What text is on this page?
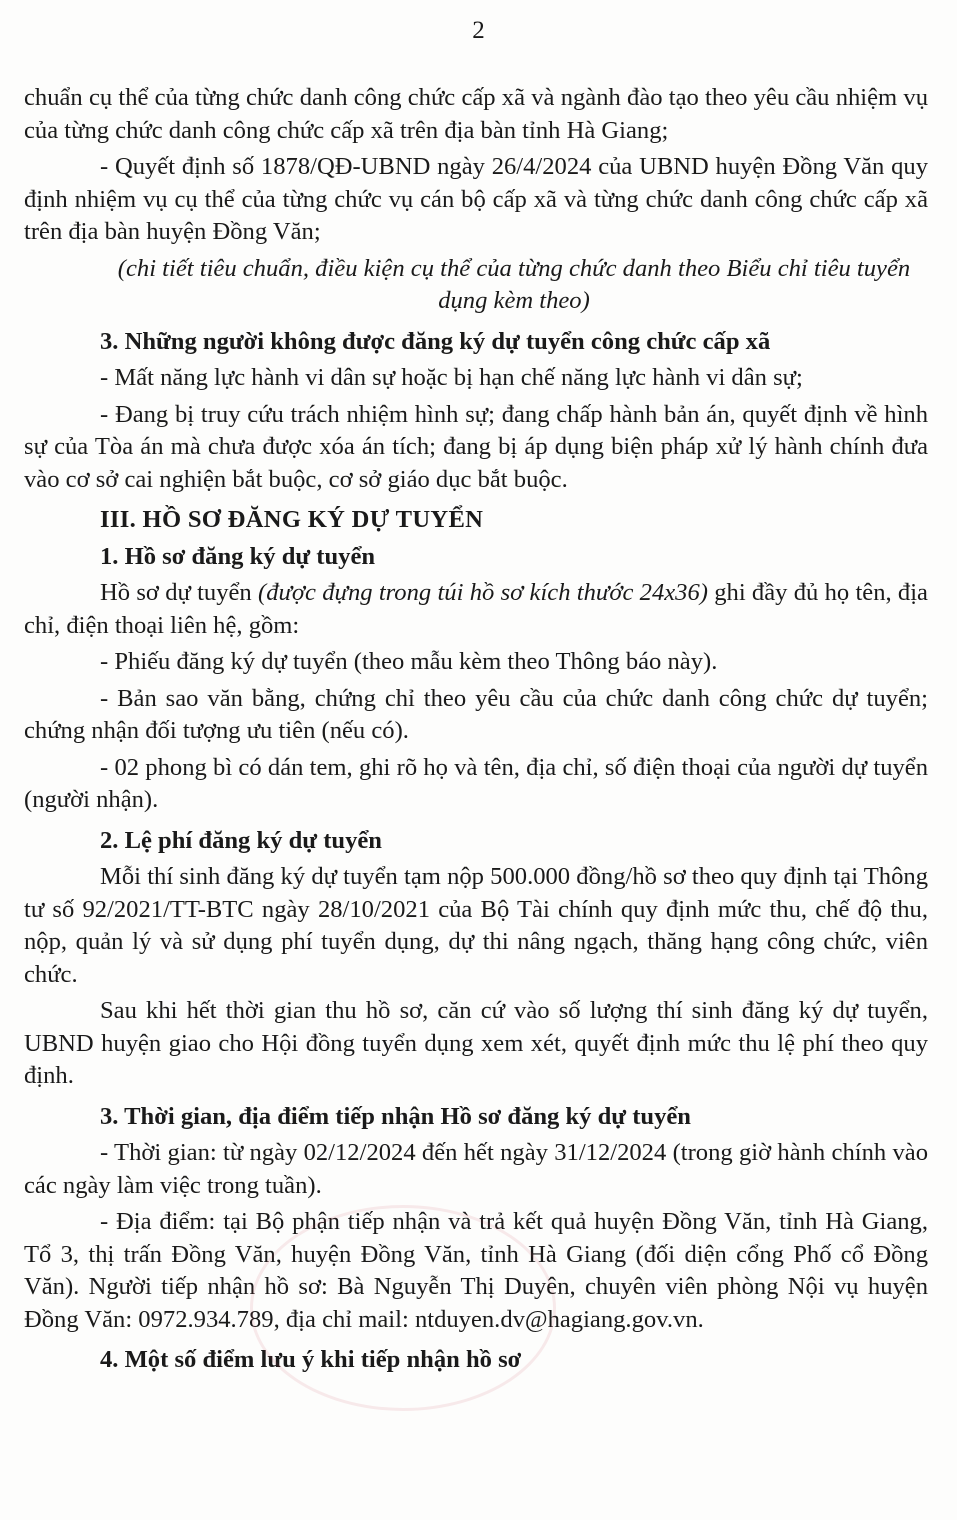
2

chuẩn cụ thể của từng chức danh công chức cấp xã và ngành đào tạo theo yêu cầu nhiệm vụ của từng chức danh công chức cấp xã trên địa bàn tỉnh Hà Giang;

- Quyết định số 1878/QĐ-UBND ngày 26/4/2024 của UBND huyện Đồng Văn quy định nhiệm vụ cụ thể của từng chức vụ cán bộ cấp xã và từng chức danh công chức cấp xã trên địa bàn huyện Đồng Văn;

(chi tiết tiêu chuẩn, điều kiện cụ thể của từng chức danh theo Biểu chỉ tiêu tuyển dụng kèm theo)

3. Những người không được đăng ký dự tuyển công chức cấp xã

- Mất năng lực hành vi dân sự hoặc bị hạn chế năng lực hành vi dân sự;

- Đang bị truy cứu trách nhiệm hình sự; đang chấp hành bản án, quyết định về hình sự của Tòa án mà chưa được xóa án tích; đang bị áp dụng biện pháp xử lý hành chính đưa vào cơ sở cai nghiện bắt buộc, cơ sở giáo dục bắt buộc.

III. HỒ SƠ ĐĂNG KÝ DỰ TUYỂN

1. Hồ sơ đăng ký dự tuyển

Hồ sơ dự tuyển (được đựng trong túi hồ sơ kích thước 24x36) ghi đầy đủ họ tên, địa chỉ, điện thoại liên hệ, gồm:

- Phiếu đăng ký dự tuyển (theo mẫu kèm theo Thông báo này).

- Bản sao văn bằng, chứng chỉ theo yêu cầu của chức danh công chức dự tuyển; chứng nhận đối tượng ưu tiên (nếu có).

- 02 phong bì có dán tem, ghi rõ họ và tên, địa chỉ, số điện thoại của người dự tuyển (người nhận).

2. Lệ phí đăng ký dự tuyển

Mỗi thí sinh đăng ký dự tuyển tạm nộp 500.000 đồng/hồ sơ theo quy định tại Thông tư số 92/2021/TT-BTC ngày 28/10/2021 của Bộ Tài chính quy định mức thu, chế độ thu, nộp, quản lý và sử dụng phí tuyển dụng, dự thi nâng ngạch, thăng hạng công chức, viên chức.

Sau khi hết thời gian thu hồ sơ, căn cứ vào số lượng thí sinh đăng ký dự tuyển, UBND huyện giao cho Hội đồng tuyển dụng xem xét, quyết định mức thu lệ phí theo quy định.

3. Thời gian, địa điểm tiếp nhận Hồ sơ đăng ký dự tuyển

- Thời gian: từ ngày 02/12/2024 đến hết ngày 31/12/2024 (trong giờ hành chính vào các ngày làm việc trong tuần).

- Địa điểm: tại Bộ phận tiếp nhận và trả kết quả huyện Đồng Văn, tỉnh Hà Giang, Tổ 3, thị trấn Đồng Văn, huyện Đồng Văn, tỉnh Hà Giang (đối diện cổng Phố cổ Đồng Văn). Người tiếp nhận hồ sơ: Bà Nguyễn Thị Duyên, chuyên viên phòng Nội vụ huyện Đồng Văn: 0972.934.789, địa chỉ mail: ntduyen.dv@hagiang.gov.vn.

4. Một số điểm lưu ý khi tiếp nhận hồ sơ
